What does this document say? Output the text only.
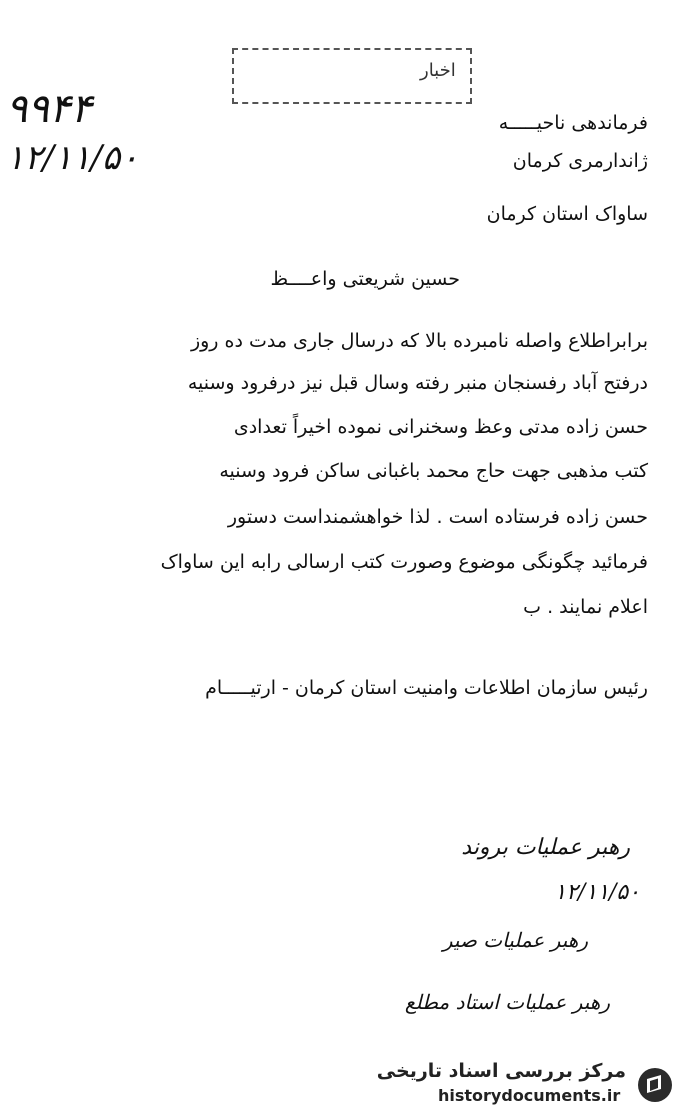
اخبار
۹۹۴۴
۱۲/۱۱/۵۰
فرماندهی ناحیـــــه
ژاندارمری کرمان
ساواک استان کرمان
حسین شریعتی واعــــظ
برابراطلاع واصله نامبرده بالا که درسال جاری مدت ده روز
درفتح آباد رفسنجان منبر رفته وسال قبل نیز درفرود وسنیه
حسن زاده مدتی وعظ وسخنرانی نموده اخیراً تعدادی
کتب مذهبی جهت حاج محمد باغبانی ساکن فرود وسنیه
حسن زاده فرستاده است . لذا خواهشمنداست دستور
فرمائید چگونگی موضوع وصورت کتب ارسالی رابه این ساواک
اعلام نمایند . ب
رئیس سازمان اطلاعات وامنیت استان کرمان - ارتیـــــام
رهبر عملیات بروند
۱۲/۱۱/۵۰
رهبر عملیات صیر
رهبر عملیات استاد مطلع
مرکز بررسی اسناد تاریخی
historydocuments.ir
